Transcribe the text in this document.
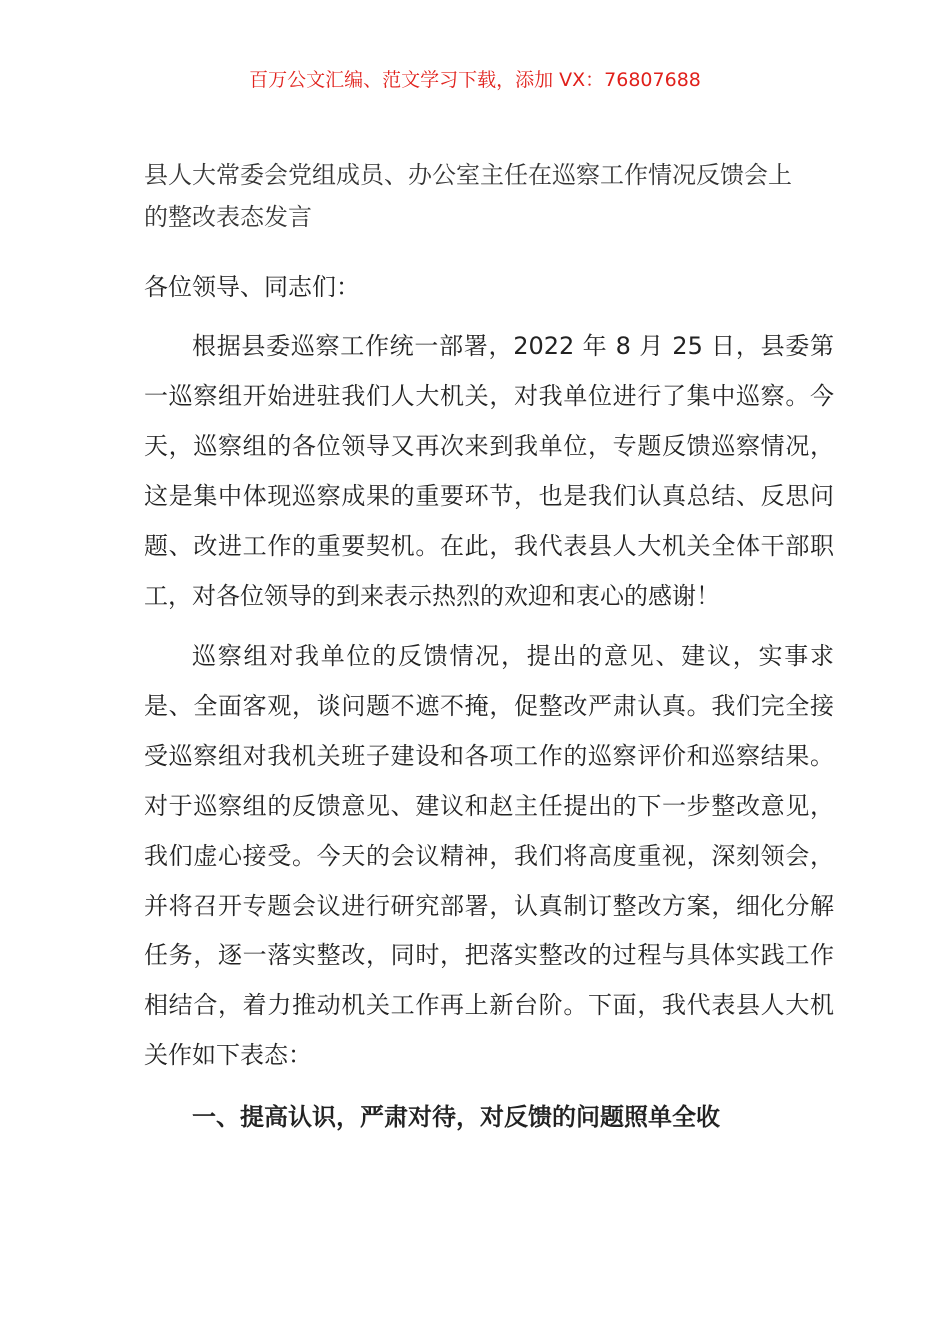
百万公文汇编、范文学习下载，添加 VX：76807688
县人大常委会党组成员、办公室主任在巡察工作情况反馈会上的整改表态发言
各位领导、同志们：

根据县委巡察工作统一部署，2022 年 8 月 25 日，县委第一巡察组开始进驻我们人大机关，对我单位进行了集中巡察。今天，巡察组的各位领导又再次来到我单位，专题反馈巡察情况，这是集中体现巡察成果的重要环节，也是我们认真总结、反思问题、改进工作的重要契机。在此，我代表县人大机关全体干部职工，对各位领导的到来表示热烈的欢迎和衷心的感谢！

巡察组对我单位的反馈情况，提出的意见、建议，实事求是、全面客观，谈问题不遮不掩，促整改严肃认真。我们完全接受巡察组对我机关班子建设和各项工作的巡察评价和巡察结果。对于巡察组的反馈意见、建议和赵主任提出的下一步整改意见，我们虚心接受。今天的会议精神，我们将高度重视，深刻领会，并将召开专题会议进行研究部署，认真制订整改方案，细化分解任务，逐一落实整改，同时，把落实整改的过程与具体实践工作相结合，着力推动机关工作再上新台阶。下面，我代表县人大机关作如下表态：

一、提高认识，严肃对待，对反馈的问题照单全收
